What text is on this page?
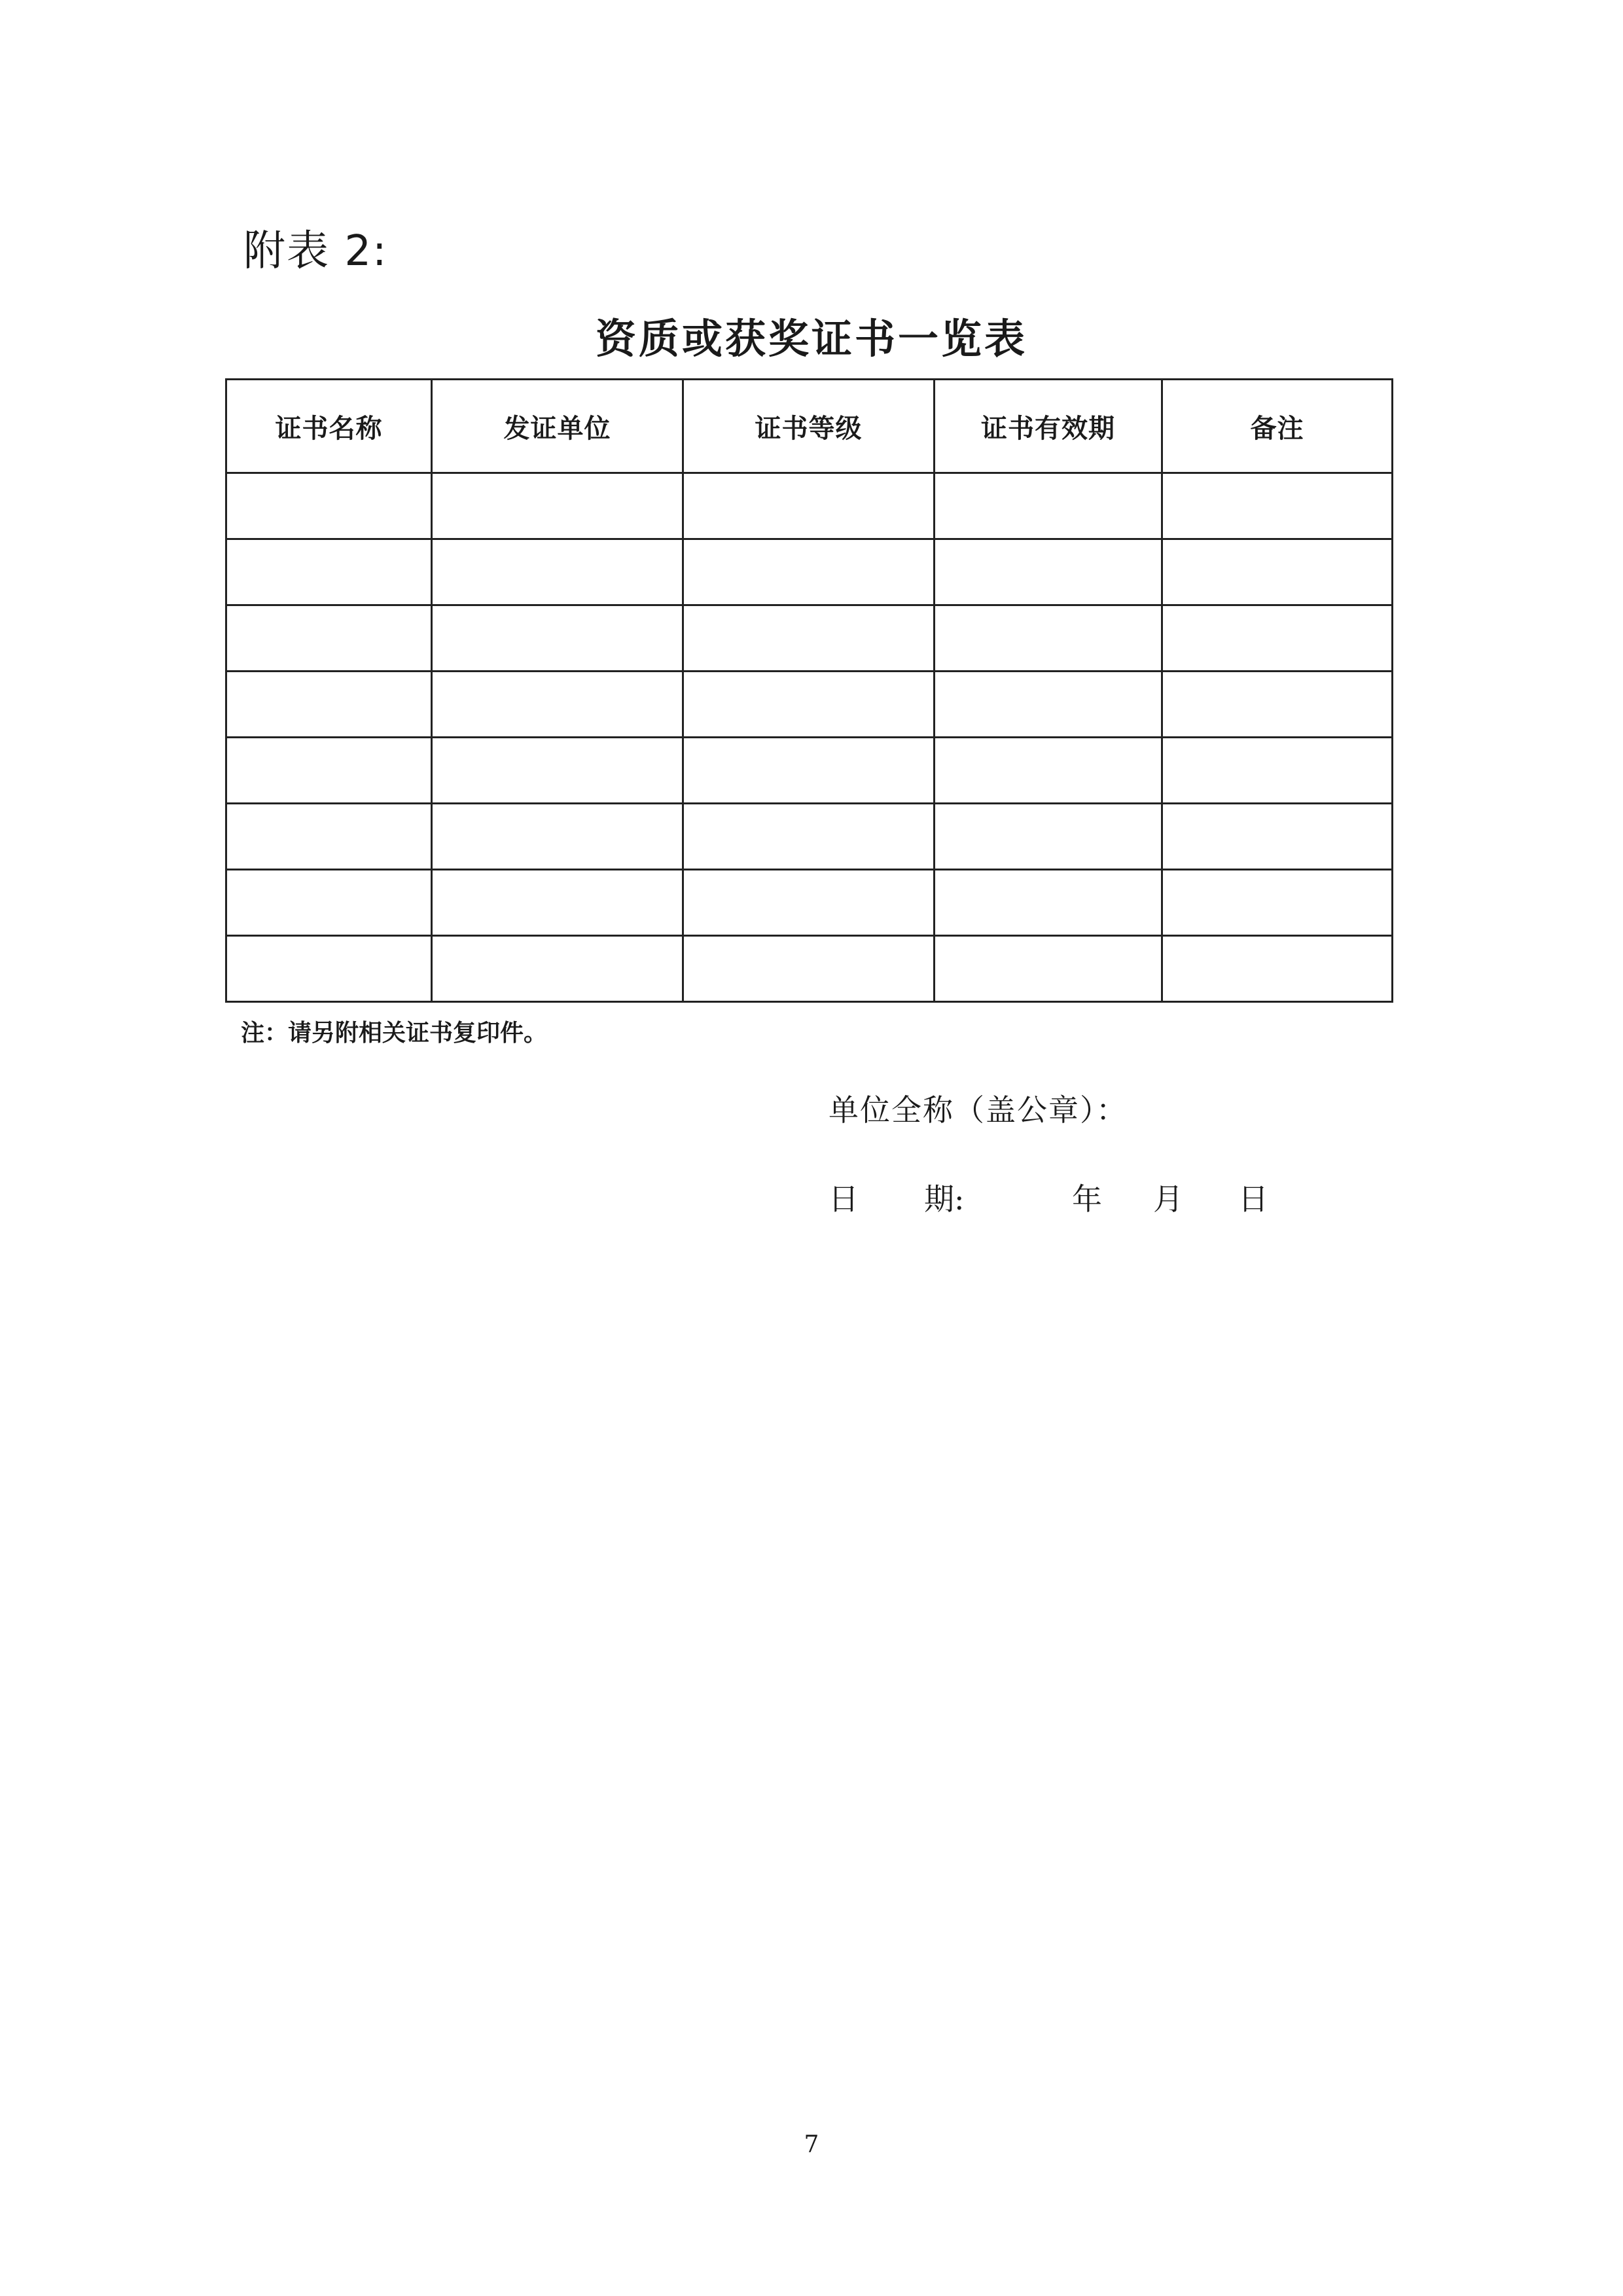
附表 2:
资质或获奖证书一览表
证书名称	发证单位	证书等级	证书有效期	备注

注：请另附相关证书复印件。
单位全称（盖公章）：
日 期:	年 月 日
7
